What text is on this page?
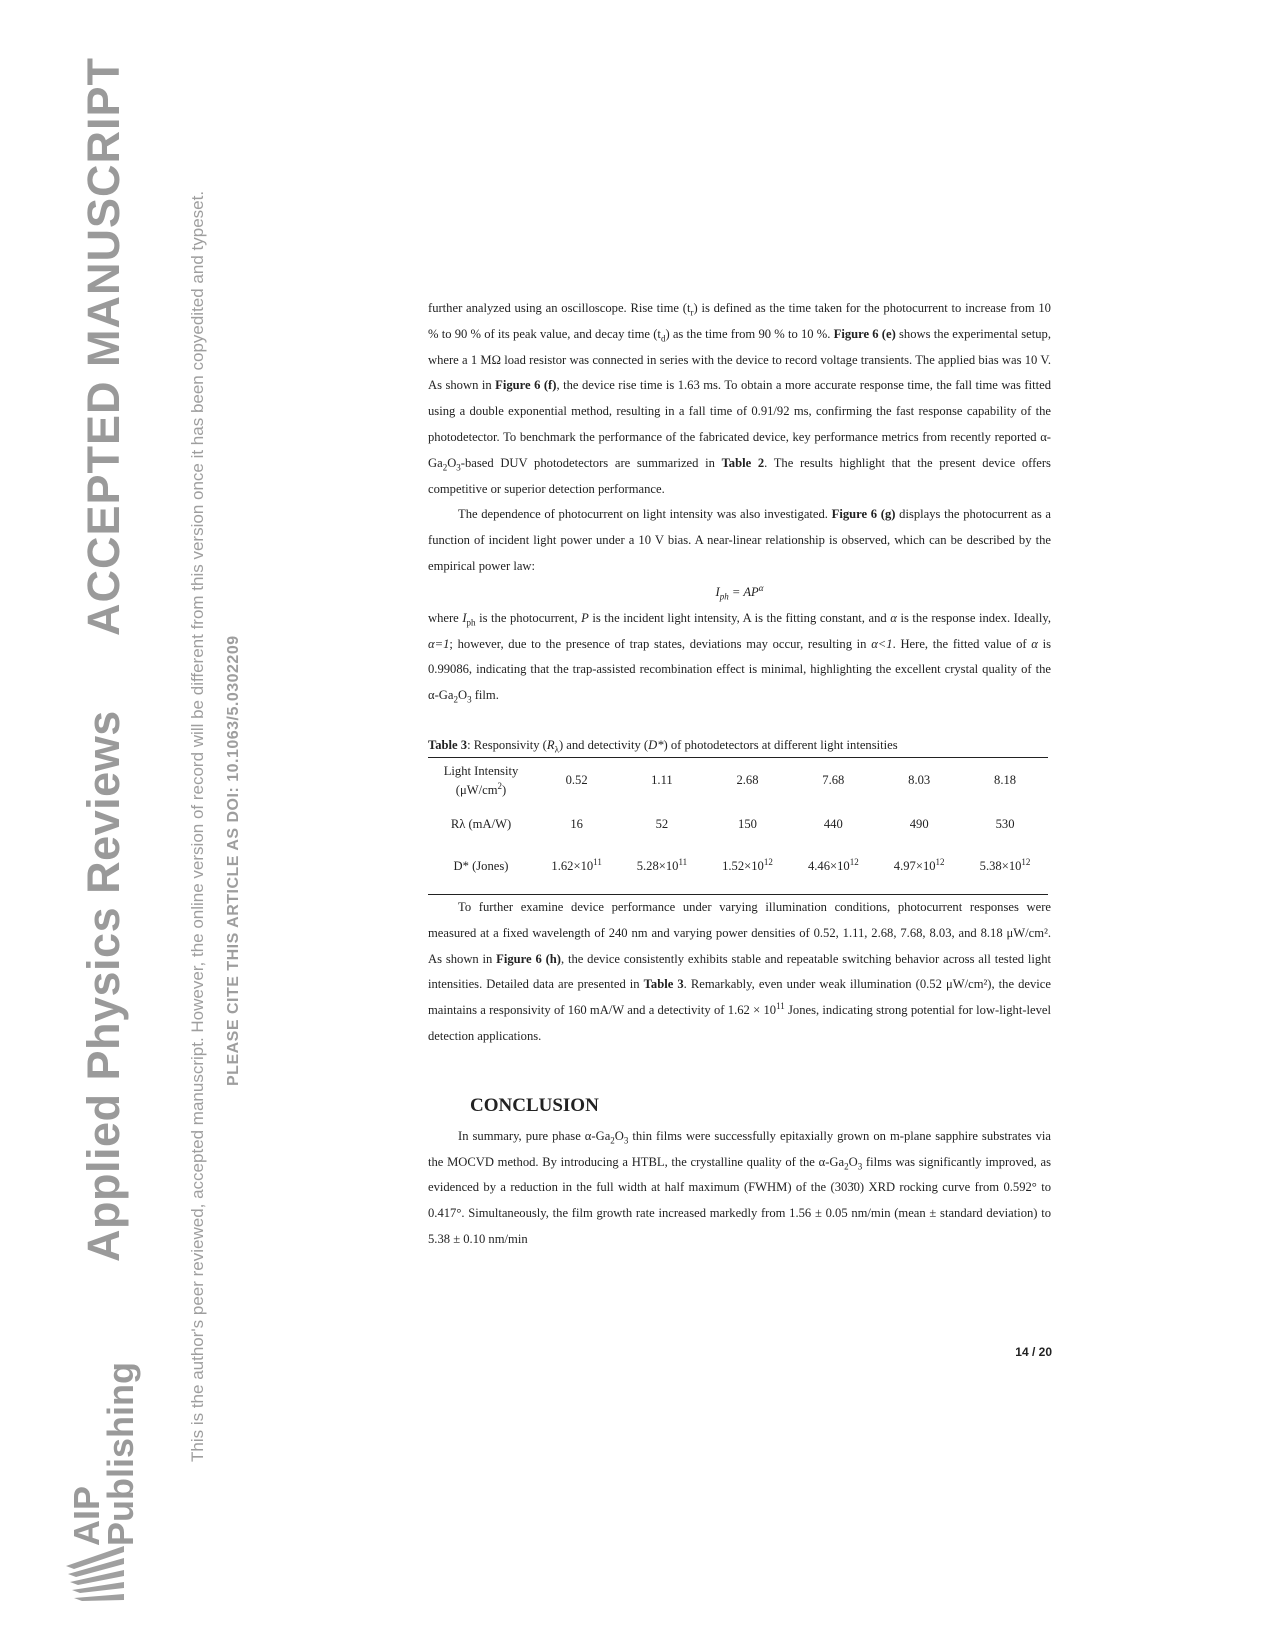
Applied Physics Reviews
ACCEPTED MANUSCRIPT	This is the author's peer reviewed, accepted manuscript. However, the online version of record will be different from this version once it has been copyedited and typeset. PLEASE CITE THIS ARTICLE AS DOI: 10.1063/5.0302209
AIP
Publishing

further analyzed using an oscilloscope. Rise time $(t_r)$ is defined as the time taken for the photocurrent to increase from 10 % to 90 % of its peak value, and decay time $(t_d)$ as the time from 90 % to 10 %. Figure 6 (e) shows the experimental setup, where a 1 MΩ load resistor was connected in series with the device to record voltage transients. The applied bias was 10 V. As shown in Figure 6 (f), the device rise time is 1.63 ms. To obtain a more accurate response time, the fall time was fitted using a double exponential method, resulting in a fall time of 0.91/92 ms, confirming the fast response capability of the photodetector. To benchmark the performance of the fabricated device, key performance metrics from recently reported $\alpha-Ga_2O_3$-based DUV photodetectors are summarized in Table 2. The results highlight that the present device offers competitive or superior detection performance.

The dependence of photocurrent on light intensity was also investigated. Figure 6 (g) displays the photocurrent as a function of incident light power under a 10 V bias. A near-linear relationship is observed, which can be described by the empirical power law:

$I_{ph} = AP^\alpha$

where $I_{ph}$ is the photocurrent, P is the incident light intensity, A is the fitting constant, and α is the response index. Ideally, α=1; however, due to the presence of trap states, deviations may occur, resulting in α<1. Here, the fitted value of α is 0.99086, indicating that the trap-assisted recombination effect is minimal, highlighting the excellent crystal quality of the $\alpha-Ga_2O_3$ film.

Table 3: Responsivity $(R_\lambda)$ and detectivity (D*) of photodetectors at different light intensities
Light Intensity
$(\mu W/cm^2)$	0.52	1.11	2.68	7.68	8.03	8.18
Rλ (mA/W)	16	52	150	440	490	530
D* (Jones)	$1.62\times 10^{11}$	$5.28\times 10^{11}$	$1.52\times 10^{12}$	$4.46\times 10^{12}$	$4.97\times 10^{12}$	$5.38\times 10^{12}$

To further examine device performance under varying illumination conditions, photocurrent responses were measured at a fixed wavelength of 240 nm and varying power densities of 0.52, 1.11, 2.68, 7.68, 8.03, and 8.18 μW/cm². As shown in Figure 6 (h), the device consistently exhibits stable and repeatable switching behavior across all tested light intensities. Detailed data are presented in Table 3. Remarkably, even under weak illumination (0.52 μW/cm²), the device maintains a responsivity of 160 mA/W and a detectivity of $1.62 \times 10^{11}$ Jones, indicating strong potential for low-light-level detection applications.

CONCLUSION

In summary, pure phase $\alpha-Ga_2O_3$ thin films were successfully epitaxially grown on m-plane sapphire substrates via the MOCVD method. By introducing a HTBL, the crystalline quality of the $\alpha-Ga_2O_3$ films was significantly improved, as evidenced by a reduction in the full width at half maximum (FWHM) of the (303̄0) XRD rocking curve from 0.592° to 0.417°. Simultaneously, the film growth rate increased markedly from 1.56 ± 0.05 nm/min (mean ± standard deviation) to 5.38 ± 0.10 nm/min

14 / 20
